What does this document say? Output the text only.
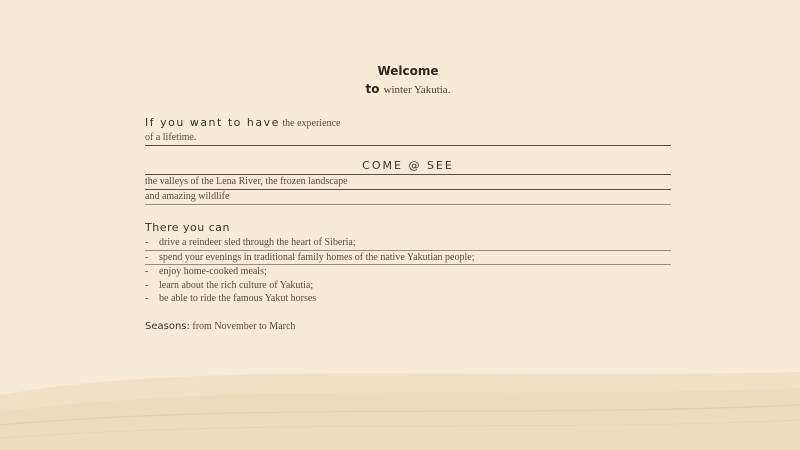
Welcome
to winter Yakutia.
If you want to have the experience
of a lifetime.
COME @ SEE
the valleys of the Lena River, the frozen landscape
and amazing wildlife
There you can
-	drive a reindeer sled through the heart of Siberia;
-	spend your evenings in traditional family homes of the native Yakutian people;
-	enjoy home-cooked meals;
-	learn about the rich culture of Yakutia;
-	be able to ride the famous Yakut horses
Seasons: from November to March
